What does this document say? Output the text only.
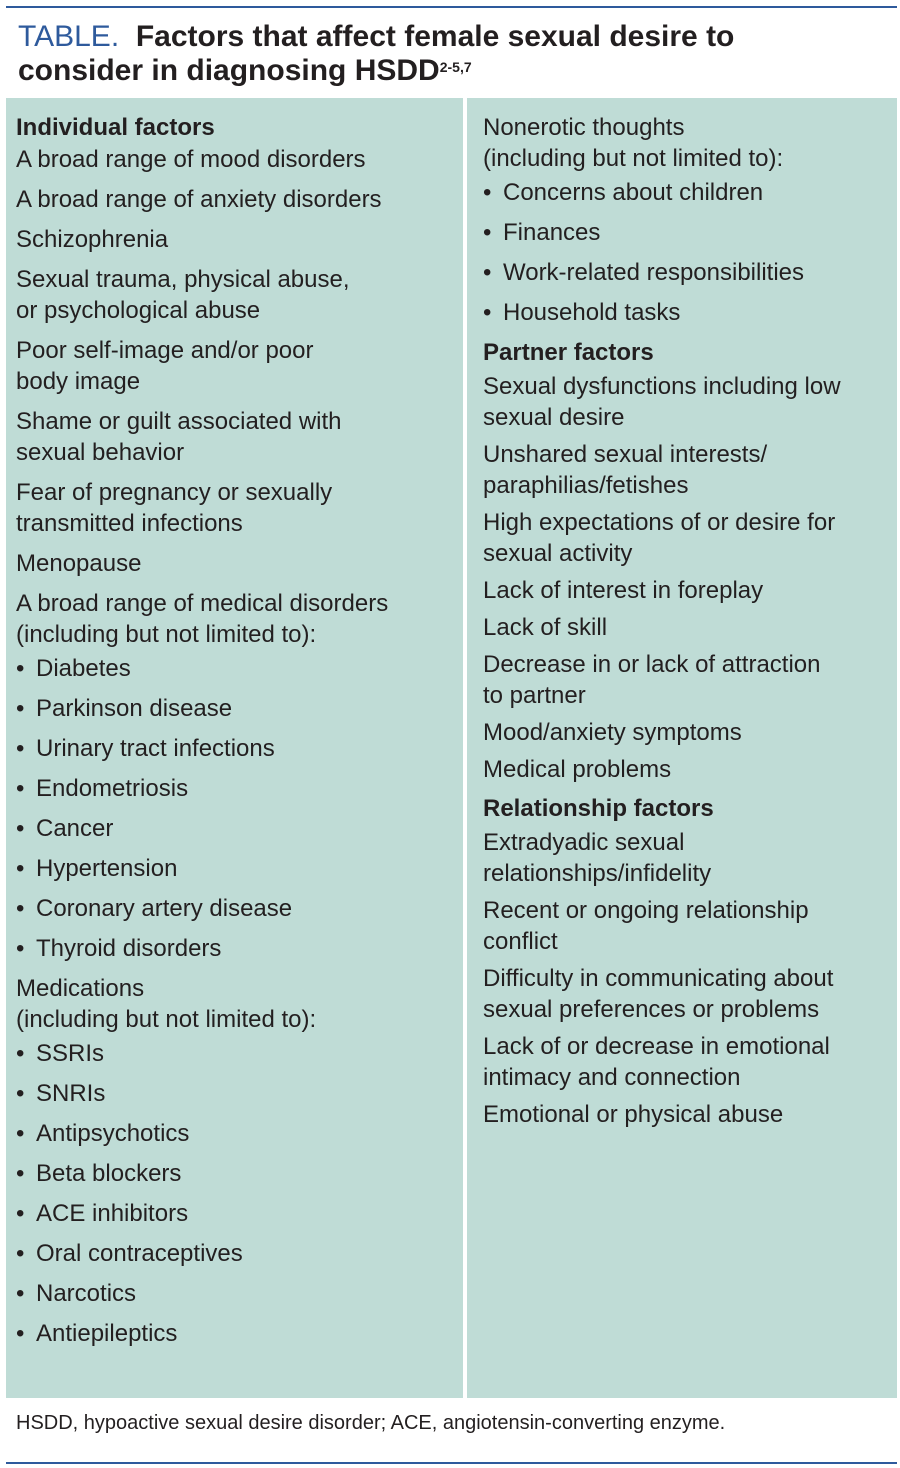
TABLE. Factors that affect female sexual desire to
consider in diagnosing HSDD$^{2-5,7}$
Individual factors
A broad range of mood disorders
A broad range of anxiety disorders
Schizophrenia
Sexual trauma, physical abuse,
or psychological abuse
Poor self-image and/or poor
body image
Shame or guilt associated with
sexual behavior
Fear of pregnancy or sexually
transmitted infections
Menopause
A broad range of medical disorders
(including but not limited to):
• Diabetes
• Parkinson disease
• Urinary tract infections
• Endometriosis
• Cancer
• Hypertension
• Coronary artery disease
• Thyroid disorders
Medications
(including but not limited to):
• SSRIs
• SNRIs
• Antipsychotics
• Beta blockers
• ACE inhibitors
• Oral contraceptives
• Narcotics
• Antiepileptics
Nonerotic thoughts
(including but not limited to):
• Concerns about children
• Finances
• Work-related responsibilities
• Household tasks
Partner factors
Sexual dysfunctions including low
sexual desire
Unshared sexual interests/
paraphilias/fetishes
High expectations of or desire for
sexual activity
Lack of interest in foreplay
Lack of skill
Decrease in or lack of attraction
to partner
Mood/anxiety symptoms
Medical problems
Relationship factors
Extradyadic sexual
relationships/infidelity
Recent or ongoing relationship
conflict
Difficulty in communicating about
sexual preferences or problems
Lack of or decrease in emotional
intimacy and connection
Emotional or physical abuse
HSDD, hypoactive sexual desire disorder; ACE, angiotensin-converting enzyme.
